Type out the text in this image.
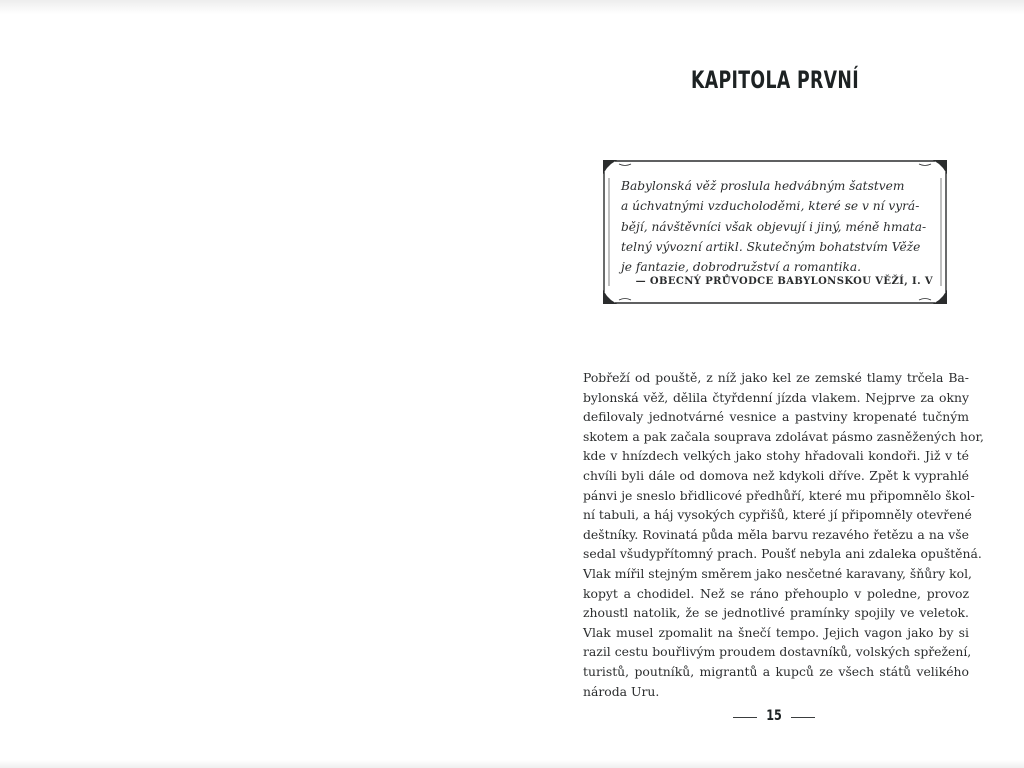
KAPITOLA PRVNÍ
Babylonská věž proslula hedvábným šatstvem
a úchvatnými vzducholoděmi, které se v ní vyrá-
bějí, návštěvníci však objevují i jiný, méně hmata-
telný vývozní artikl. Skutečným bohatstvím Věže
je fantazie, dobrodružství a romantika.
— OBECNÝ PRŮVODCE BABYLONSKOU VĚŽÍ, I. V
Pobřeží od pouště, z níž jako kel ze zemské tlamy trčela Ba-
bylonská věž, dělila čtyřdenní jízda vlakem. Nejprve za okny
defilovaly jednotvárné vesnice a pastviny kropenaté tučným
skotem a pak začala souprava zdolávat pásmo zasněžených hor,
kde v hnízdech velkých jako stohy hřadovali kondoři. Již v té
chvíli byli dále od domova než kdykoli dříve. Zpět k vyprahlé
pánvi je sneslo břidlicové předhůří, které mu připomnělo škol-
ní tabuli, a háj vysokých cypřišů, které jí připomněly otevřené
deštníky. Rovinatá půda měla barvu rezavého řetězu a na vše
sedal všudypřítomný prach. Poušť nebyla ani zdaleka opuštěná.
Vlak mířil stejným směrem jako nesčetné karavany, šňůry kol,
kopyt a chodidel. Než se ráno přehouplo v poledne, provoz
zhoustl natolik, že se jednotlivé pramínky spojily ve veletok.
Vlak musel zpomalit na šnečí tempo. Jejich vagon jako by si
razil cestu bouřlivým proudem dostavníků, volských spřežení,
turistů, poutníků, migrantů a kupců ze všech států velikého
národa Uru.
15
